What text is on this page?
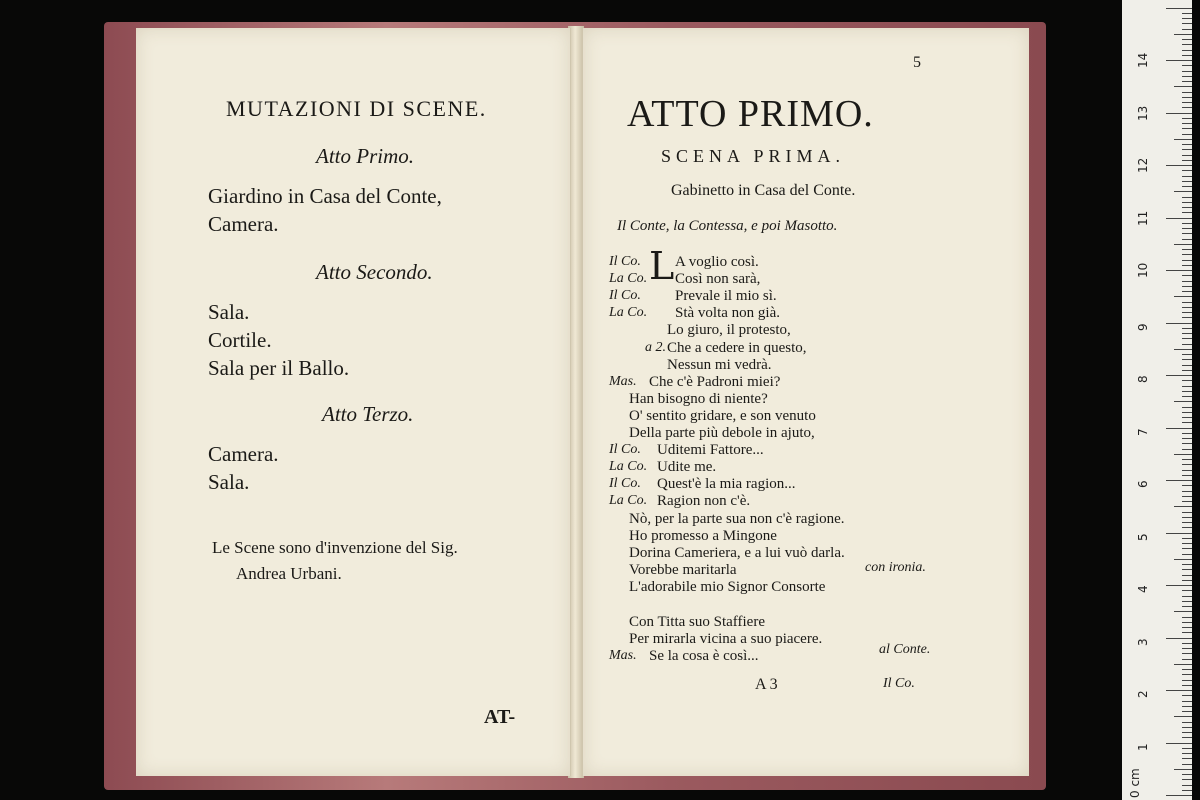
MUTAZIONI DI SCENE.
Atto Primo.
Giardino in Casa del Conte,
Camera.
Atto Secondo.
Sala.
Cortile.
Sala per il Ballo.
Atto Terzo.
Camera.
Sala.
Le Scene sono d'invenzione del Sig.
Andrea Urbani.
AT-
5
ATTO PRIMO.
SCENA PRIMA.
Gabinetto in Casa del Conte.
Il Conte, la Contessa, e poi Masotto.
L
Il Co. A voglio così.
La Co. Così non sarà,
Il Co. Prevale il mio sì.
La Co. Stà volta non già.
Lo giuro, il protesto,
a 2. Che a cedere in questo,
Nessun mi vedrà.
Mas. Che c'è Padroni miei?
Han bisogno di niente?
O' sentito gridare, e son venuto
Della parte più debole in ajuto,
Il Co. Uditemi Fattore...
La Co. Udite me.
Il Co. Quest'è la mia ragion...
La Co. Ragion non c'è.
Nò, per la parte sua non c'è ragione.
Ho promesso a Mingone
Dorina Cameriera, e a lui vuò darla.
Vorebbe maritarla
L'adorabile mio Signor Consorte
Con Titta suo Staffiere
Per mirarla vicina a suo piacere.
Mas. Se la cosa è così...
con ironia.
al Conte.
A 3	Il Co.
0 cm
1
2
3
4
5
6
7
8
9
10
11
12
13
14
